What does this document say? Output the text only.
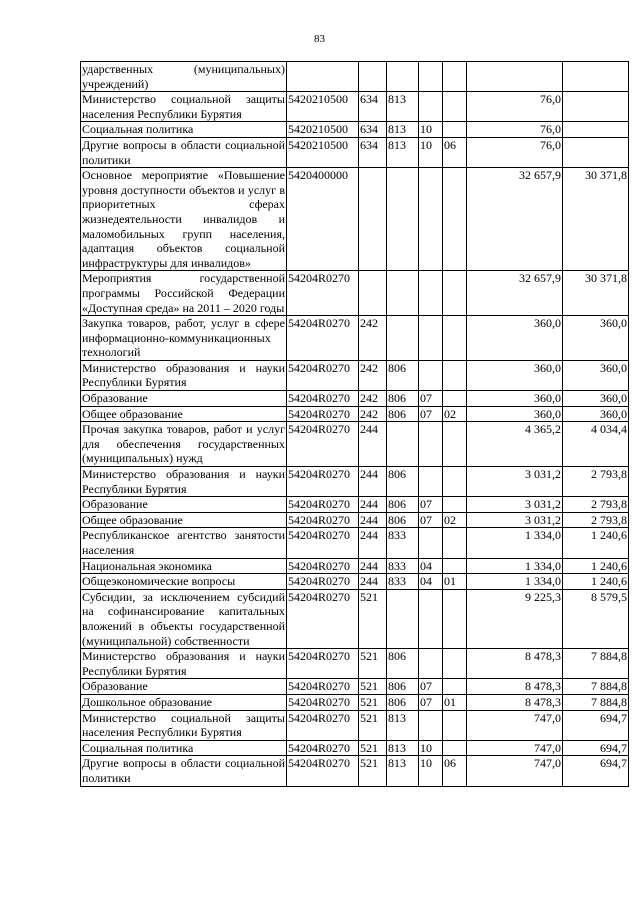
83
ударственных (муниципальных) учреждений)							
Министерство социальной защиты населения Республики Бурятия	5420210500	634	813			76,0	
Социальная политика	5420210500	634	813	10		76,0	
Другие вопросы в области социальной политики	5420210500	634	813	10	06	76,0	
Основное мероприятие «Повышение уровня доступности объектов и услуг в приоритетных сферах жизнедеятельности инвалидов и маломобильных групп населения, адаптация объектов социальной инфраструктуры для инвалидов»	5420400000					32 657,9	30 371,8
Мероприятия государственной программы Российской Федерации «Доступная среда» на 2011 – 2020 годы	54204R0270					32 657,9	30 371,8
Закупка товаров, работ, услуг в сфере информационно-коммуникационных технологий	54204R0270	242				360,0	360,0
Министерство образования и науки Республики Бурятия	54204R0270	242	806			360,0	360,0
Образование	54204R0270	242	806	07		360,0	360,0
Общее образование	54204R0270	242	806	07	02	360,0	360,0
Прочая закупка товаров, работ и услуг для обеспечения государственных (муниципальных) нужд	54204R0270	244				4 365,2	4 034,4
Министерство образования и науки Республики Бурятия	54204R0270	244	806			3 031,2	2 793,8
Образование	54204R0270	244	806	07		3 031,2	2 793,8
Общее образование	54204R0270	244	806	07	02	3 031,2	2 793,8
Республиканское агентство занятости населения	54204R0270	244	833			1 334,0	1 240,6
Национальная экономика	54204R0270	244	833	04		1 334,0	1 240,6
Общеэкономические вопросы	54204R0270	244	833	04	01	1 334,0	1 240,6
Субсидии, за исключением субсидий на софинансирование капитальных вложений в объекты государственной (муниципальной) собственности	54204R0270	521				9 225,3	8 579,5
Министерство образования и науки Республики Бурятия	54204R0270	521	806			8 478,3	7 884,8
Образование	54204R0270	521	806	07		8 478,3	7 884,8
Дошкольное образование	54204R0270	521	806	07	01	8 478,3	7 884,8
Министерство социальной защиты населения Республики Бурятия	54204R0270	521	813			747,0	694,7
Социальная политика	54204R0270	521	813	10		747,0	694,7
Другие вопросы в области социальной политики	54204R0270	521	813	10	06	747,0	694,7
